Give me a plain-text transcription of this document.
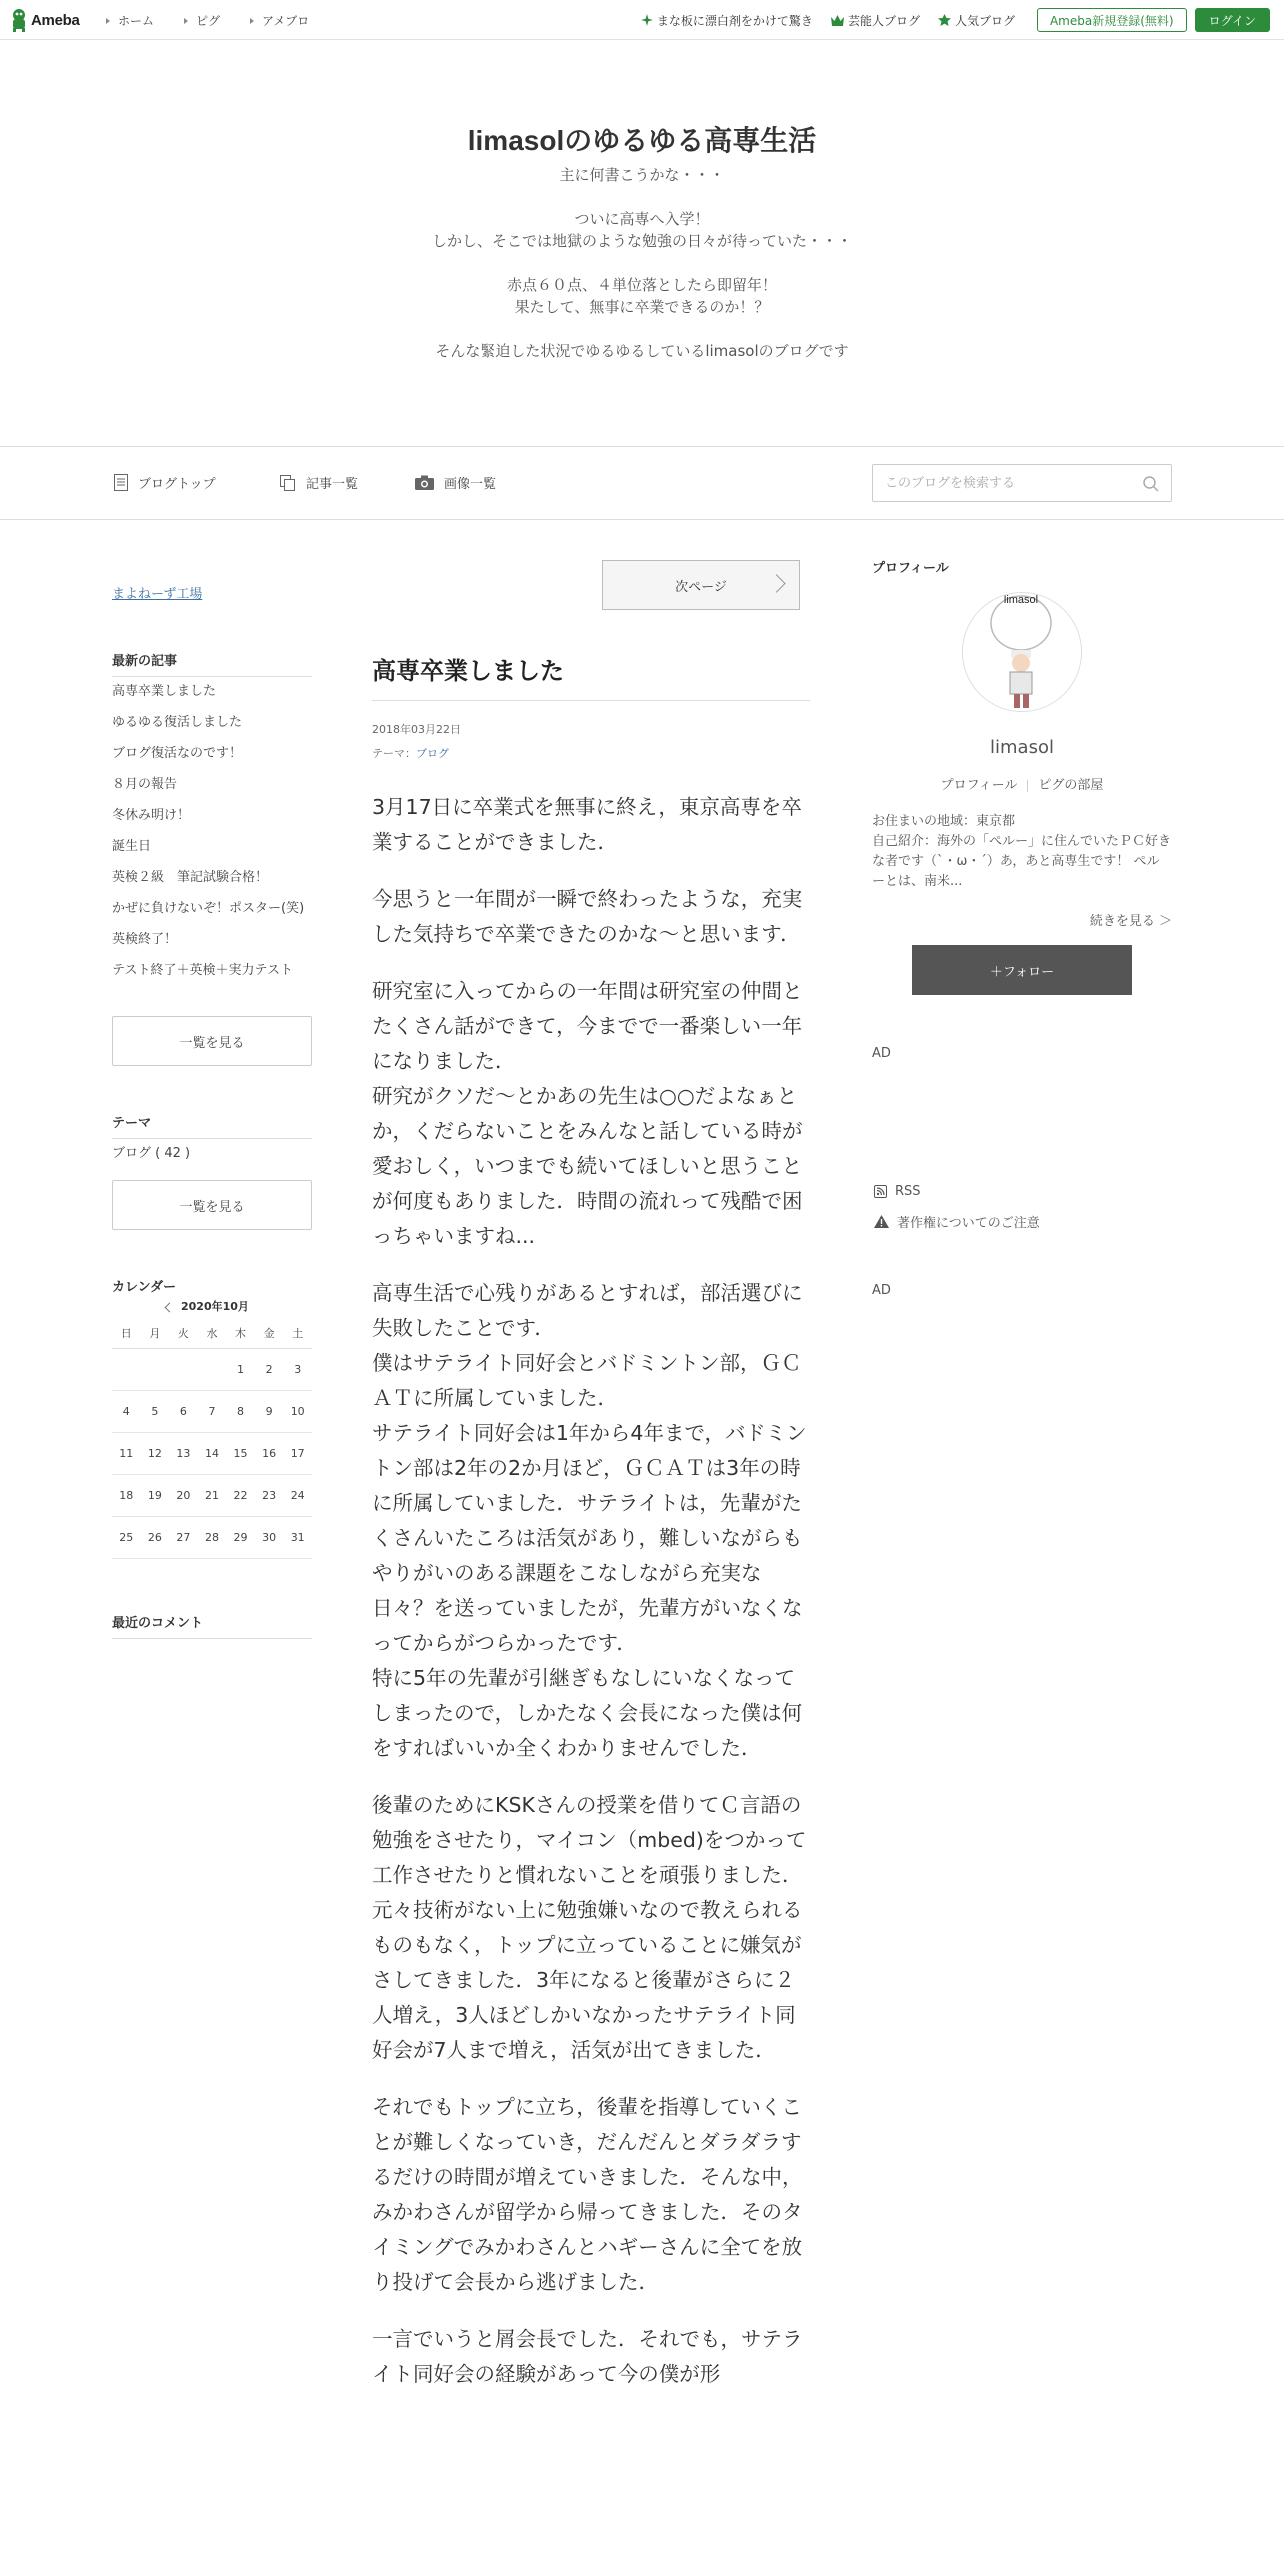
Ameba	ホーム	ピグ	アメブロ	まな板に漂白剤をかけて驚き	芸能人ブログ	人気ブログ	Ameba新規登録(無料)	ログイン
limasolのゆるゆる高専生活
主に何書こうかな・・・

ついに高専へ入学！
しかし、そこでは地獄のような勉強の日々が待っていた・・・

赤点６０点、４単位落としたら即留年！
果たして、無事に卒業できるのか！？

そんな緊迫した状況でゆるゆるしているlimasolのブログです
ブログトップ	記事一覧	画像一覧
このブログを検索する
まよねーず工場
最新の記事
高専卒業しました
ゆるゆる復活しました
ブログ復活なのです！
８月の報告
冬休み明け！
誕生日
英検２級　筆記試験合格！
かぜに負けないぞ！ポスター(笑)
英検終了！
テスト終了＋英検＋実力テスト
一覧を見る
テーマ
ブログ ( 42 )
一覧を見る
カレンダー
2020年10月
日	月	火	水	木	金	土
				1	2	3
4	5	6	7	8	9	10
11	12	13	14	15	16	17
18	19	20	21	22	23	24
25	26	27	28	29	30	31
最近のコメント
次ページ
高専卒業しました
2018年03月22日
テーマ：ブログ

3月17日に卒業式を無事に終え，東京高専を卒業することができました．

今思うと一年間が一瞬で終わったような，充実した気持ちで卒業できたのかな～と思います．

研究室に入ってからの一年間は研究室の仲間とたくさん話ができて，今までで一番楽しい一年になりました．
研究がクソだ～とかあの先生は○○だよなぁとか，くだらないことをみんなと話している時が愛おしく，いつまでも続いてほしいと思うことが何度もありました．時間の流れって残酷で困っちゃいますね...

高専生活で心残りがあるとすれば，部活選びに失敗したことです．
僕はサテライト同好会とバドミントン部，ＧＣＡＴに所属していました．
サテライト同好会は1年から4年まで，バドミントン部は2年の2か月ほど，ＧＣＡＴは3年の時に所属していました．サテライトは，先輩がたくさんいたころは活気があり，難しいながらもやりがいのある課題をこなしながら充実な日々？を送っていましたが，先輩方がいなくなってからがつらかったです．
特に5年の先輩が引継ぎもなしにいなくなってしまったので，しかたなく会長になった僕は何をすればいいか全くわかりませんでした．

後輩のためにKSKさんの授業を借りてＣ言語の勉強をさせたり，マイコン（mbed)をつかって工作させたりと慣れないことを頑張りました．元々技術がない上に勉強嫌いなので教えられるものもなく，トップに立っていることに嫌気がさしてきました．3年になると後輩がさらに２人増え，3人ほどしかいなかったサテライト同好会が7人まで増え，活気が出てきました．

それでもトップに立ち，後輩を指導していくことが難しくなっていき，だんだんとダラダラするだけの時間が増えていきました．そんな中，みかわさんが留学から帰ってきました．そのタイミングでみかわさんとハギーさんに全てを放り投げて会長から逃げました．

一言でいうと屑会長でした．それでも，サテライト同好会の経験があって今の僕が形

プロフィール
limasol
limasol
プロフィール ピグの部屋
お住まいの地域：東京都
自己紹介：海外の「ぺルー」に住んでいたＰＣ好きな者です（`・ω・´）あ，あと高専生です！ ぺルーとは、南米...
続きを見る ＞
＋フォロー
AD
RSS
著作権についてのご注意
AD
